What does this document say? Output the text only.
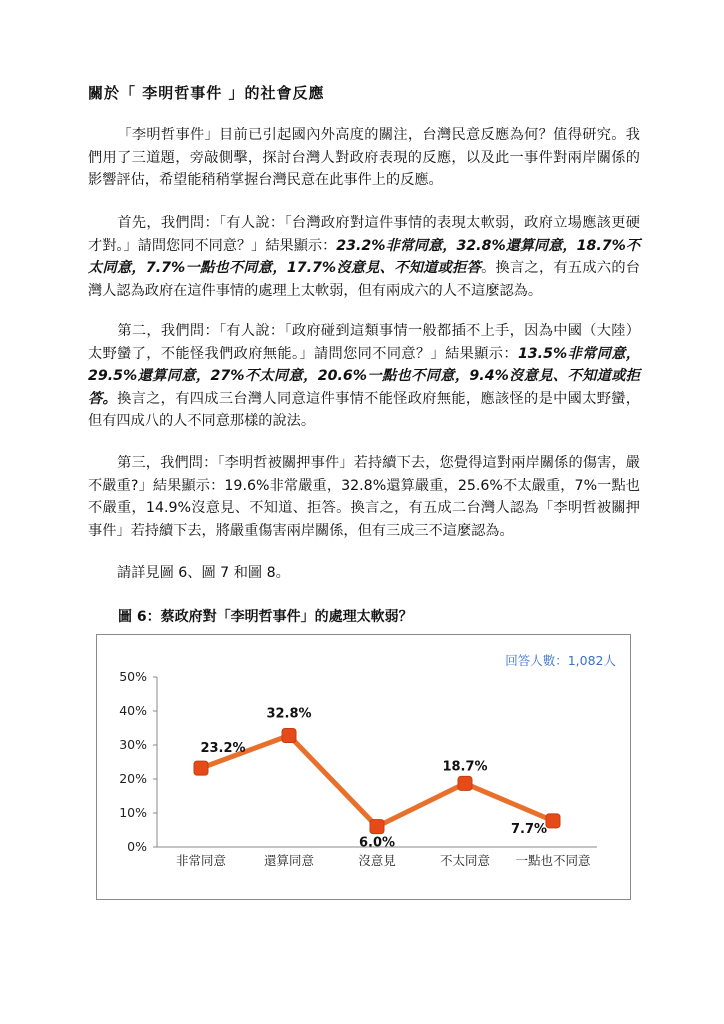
關於「 李明哲事件 」的社會反應
「李明哲事件」目前已引起國內外高度的關注，台灣民意反應為何？值得研究。我們用了三道題，旁敲側擊，探討台灣人對政府表現的反應，以及此一事件對兩岸關係的影響評估，希望能稍稍掌握台灣民意在此事件上的反應。
首先，我們問：「有人說：「台灣政府對這件事情的表現太軟弱，政府立場應該更硬才對。」請問您同不同意？」結果顯示：23.2%非常同意，32.8%還算同意，18.7%不太同意，7.7%一點也不同意，17.7%沒意見、不知道或拒答。換言之，有五成六的台灣人認為政府在這件事情的處理上太軟弱，但有兩成六的人不這麼認為。
第二，我們問：「有人說：「政府碰到這類事情一般都插不上手，因為中國（大陸）太野蠻了，不能怪我們政府無能。」請問您同不同意？」結果顯示：13.5%非常同意，29.5%還算同意，27%不太同意，20.6%一點也不同意，9.4%沒意見、不知道或拒答。換言之，有四成三台灣人同意這件事情不能怪政府無能，應該怪的是中國太野蠻，但有四成八的人不同意那樣的說法。
第三，我們問：「李明哲被關押事件」若持續下去，您覺得這對兩岸關係的傷害，嚴不嚴重?」結果顯示：19.6%非常嚴重，32.8%還算嚴重，25.6%不太嚴重，7%一點也不嚴重，14.9%沒意見、不知道、拒答。換言之，有五成二台灣人認為「李明哲被關押事件」若持續下去，將嚴重傷害兩岸關係，但有三成三不這麼認為。
請詳見圖 6、圖 7 和圖 8。
圖 6：蔡政府對「李明哲事件」的處理太軟弱？
回答人數：1,082人
0%
10%
20%
30%
40%
50%
非常同意	還算同意	沒意見	不太同意 一點也不同意
23.2%
32.8%
6.0%
18.7%
7.7%
